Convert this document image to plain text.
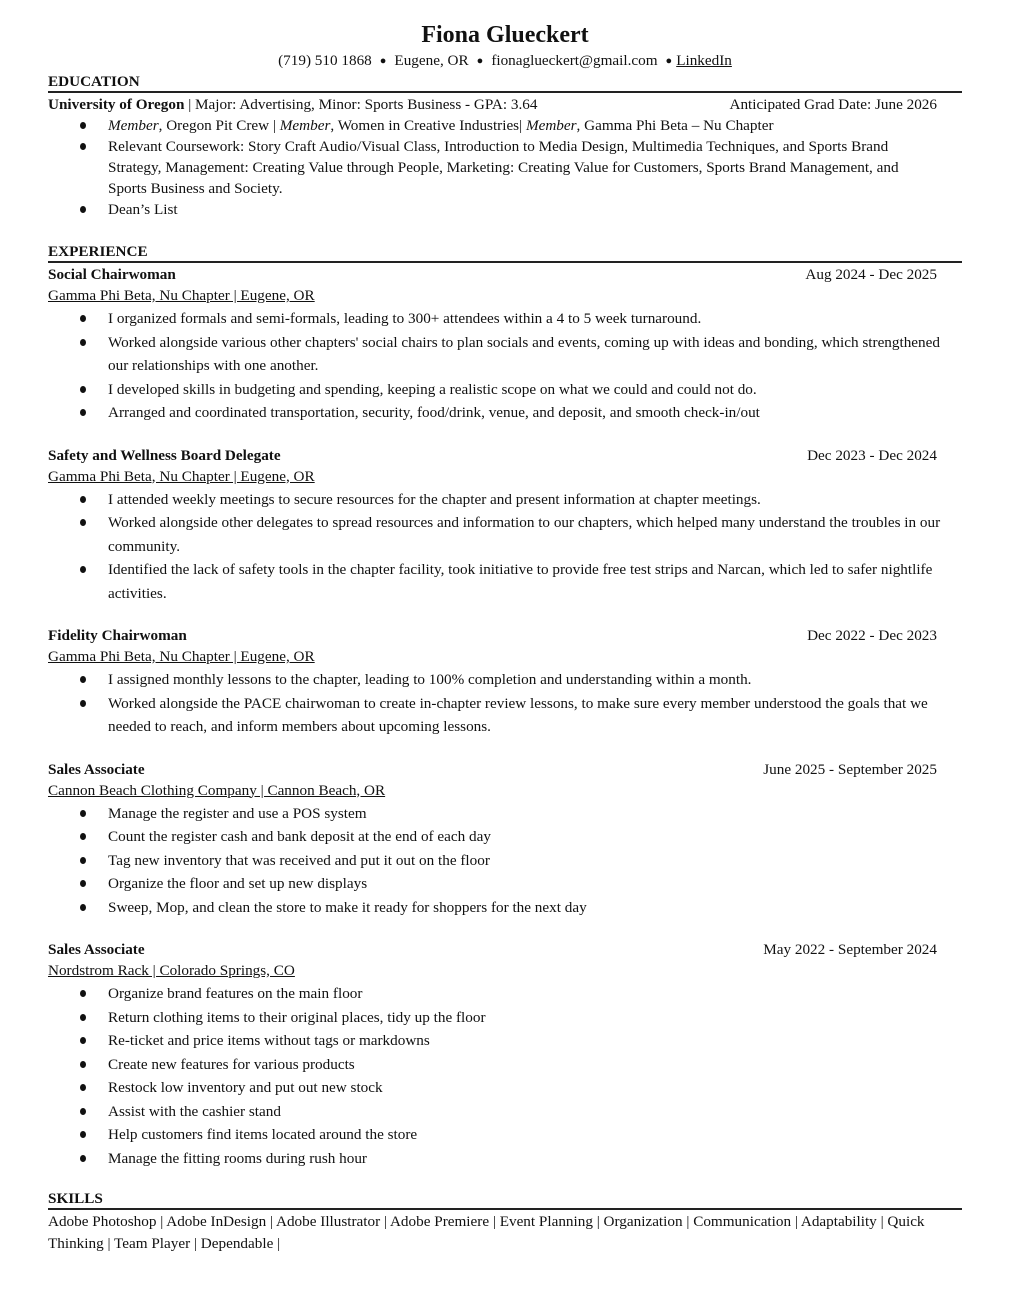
Fiona Glueckert
(719) 510 1868 ● Eugene, OR ● fionaglueckert@gmail.com ● LinkedIn
EDUCATION
University of Oregon | Major: Advertising, Minor: Sports Business - GPA: 3.64	Anticipated Grad Date: June 2026
Member, Oregon Pit Crew | Member, Women in Creative Industries| Member, Gamma Phi Beta – Nu Chapter
Relevant Coursework: Story Craft Audio/Visual Class, Introduction to Media Design, Multimedia Techniques, and Sports Brand Strategy, Management: Creating Value through People, Marketing: Creating Value for Customers, Sports Brand Management, and Sports Business and Society.
Dean’s List
EXPERIENCE
Social Chairwoman	Aug 2024 - Dec 2025
Gamma Phi Beta, Nu Chapter | Eugene, OR
I organized formals and semi-formals, leading to 300+ attendees within a 4 to 5 week turnaround.
Worked alongside various other chapters' social chairs to plan socials and events, coming up with ideas and bonding, which strengthened our relationships with one another.
I developed skills in budgeting and spending, keeping a realistic scope on what we could and could not do.
Arranged and coordinated transportation, security, food/drink, venue, and deposit, and smooth check-in/out
Safety and Wellness Board Delegate	Dec 2023 - Dec 2024
Gamma Phi Beta, Nu Chapter | Eugene, OR
I attended weekly meetings to secure resources for the chapter and present information at chapter meetings.
Worked alongside other delegates to spread resources and information to our chapters, which helped many understand the troubles in our community.
Identified the lack of safety tools in the chapter facility, took initiative to provide free test strips and Narcan, which led to safer nightlife activities.
Fidelity Chairwoman	Dec 2022 - Dec 2023
Gamma Phi Beta, Nu Chapter | Eugene, OR
I assigned monthly lessons to the chapter, leading to 100% completion and understanding within a month.
Worked alongside the PACE chairwoman to create in-chapter review lessons, to make sure every member understood the goals that we needed to reach, and inform members about upcoming lessons.
Sales Associate	June 2025 - September 2025
Cannon Beach Clothing Company | Cannon Beach, OR
Manage the register and use a POS system
Count the register cash and bank deposit at the end of each day
Tag new inventory that was received and put it out on the floor
Organize the floor and set up new displays
Sweep, Mop, and clean the store to make it ready for shoppers for the next day
Sales Associate	May 2022 - September 2024
Nordstrom Rack | Colorado Springs, CO
Organize brand features on the main floor
Return clothing items to their original places, tidy up the floor
Re-ticket and price items without tags or markdowns
Create new features for various products
Restock low inventory and put out new stock
Assist with the cashier stand
Help customers find items located around the store
Manage the fitting rooms during rush hour
SKILLS
Adobe Photoshop | Adobe InDesign | Adobe Illustrator | Adobe Premiere | Event Planning | Organization | Communication | Adaptability | Quick Thinking | Team Player | Dependable |
